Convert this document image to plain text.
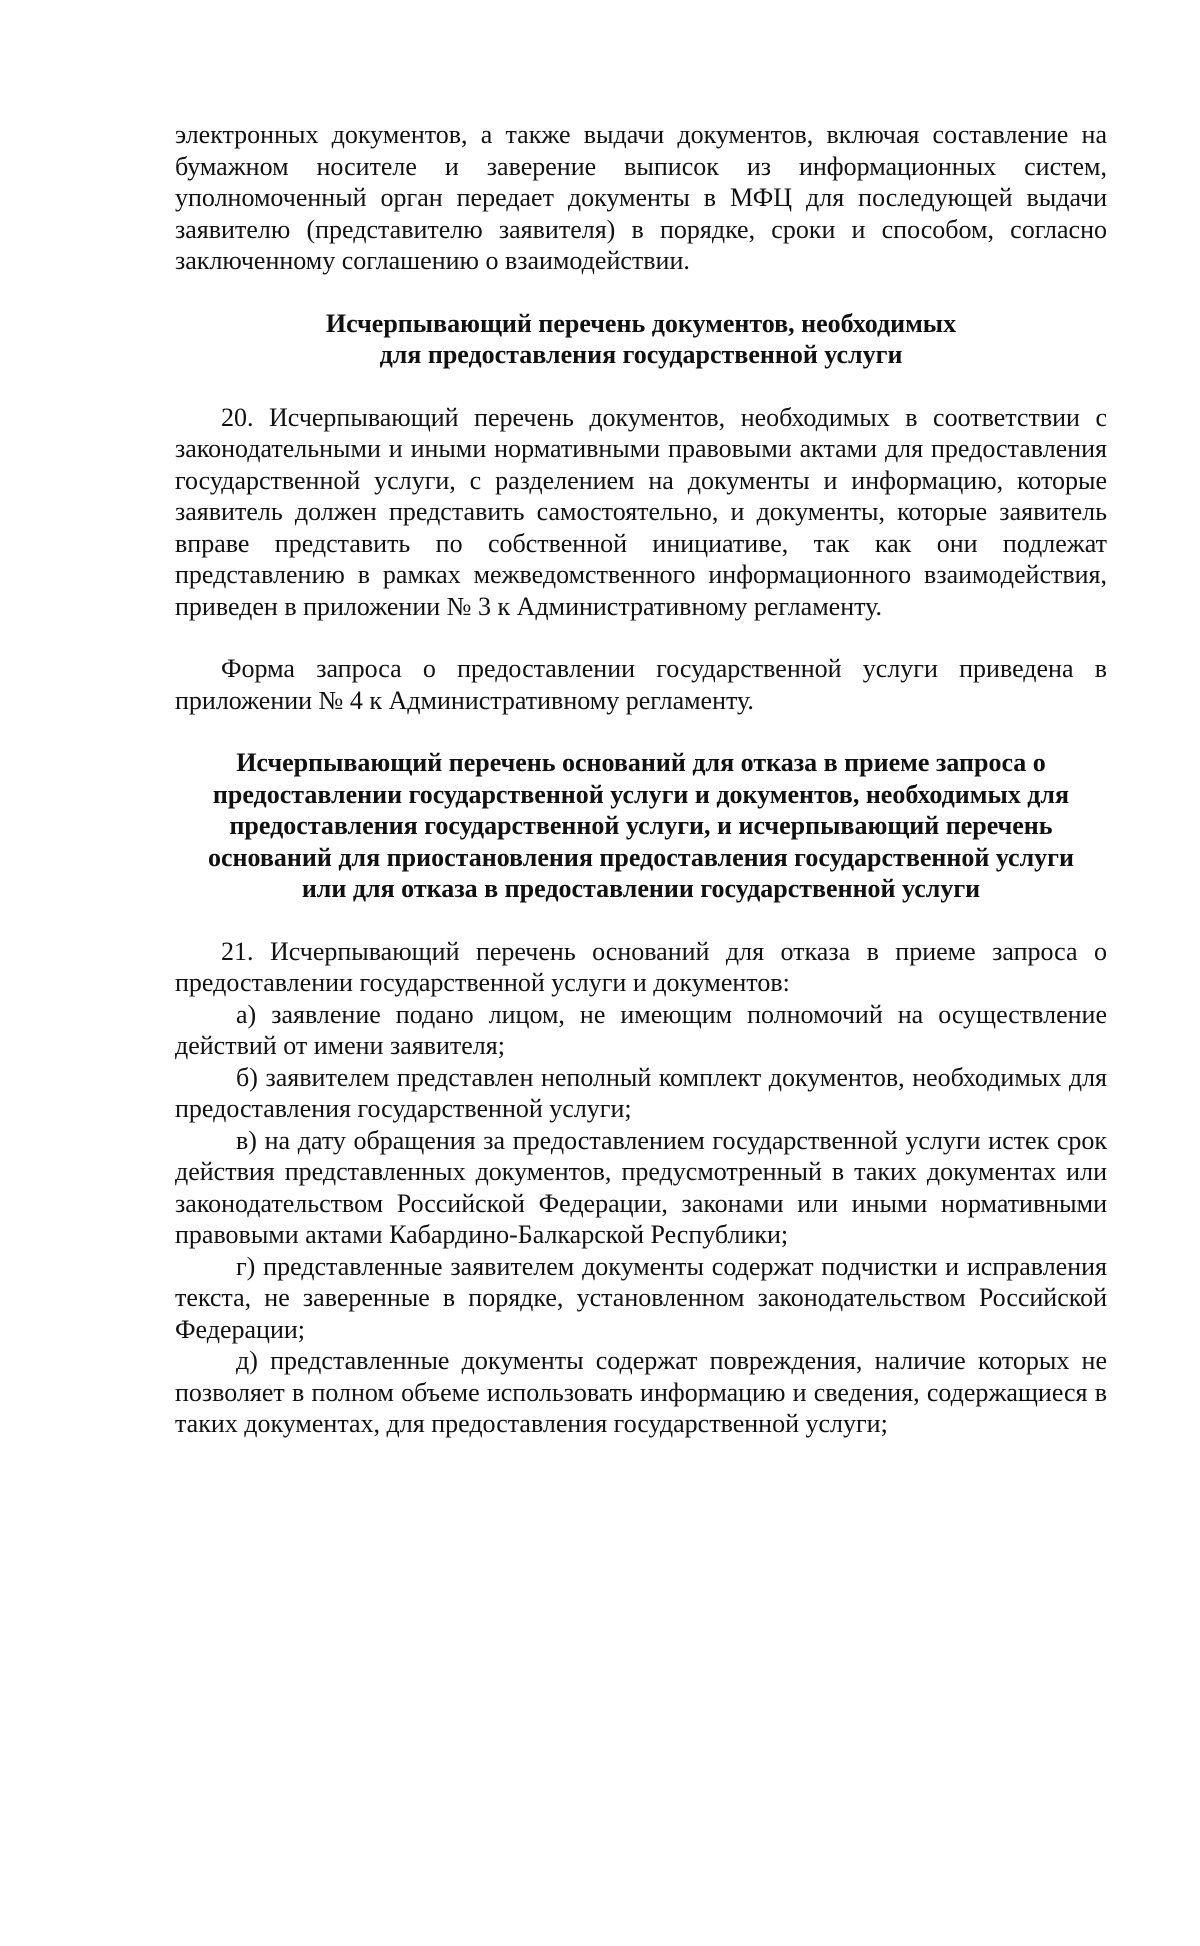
электронных документов, а также выдачи документов, включая составление на бумажном носителе и заверение выписок из информационных систем, уполномоченный орган передает документы в МФЦ для последующей выдачи заявителю (представителю заявителя) в порядке, сроки и способом, согласно заключенному соглашению о взаимодействии.

Исчерпывающий перечень документов, необходимых
для предоставления государственной услуги

20. Исчерпывающий перечень документов, необходимых в соответствии с законодательными и иными нормативными правовыми актами для предоставления государственной услуги, с разделением на документы и информацию, которые заявитель должен представить самостоятельно, и документы, которые заявитель вправе представить по собственной инициативе, так как они подлежат представлению в рамках межведомственного информационного взаимодействия, приведен в приложении № 3 к Административному регламенту.

Форма запроса о предоставлении государственной услуги приведена в приложении № 4 к Административному регламенту.

Исчерпывающий перечень оснований для отказа в приеме запроса о
предоставлении государственной услуги и документов, необходимых для
предоставления государственной услуги, и исчерпывающий перечень
оснований для приостановления предоставления государственной услуги
или для отказа в предоставлении государственной услуги

21. Исчерпывающий перечень оснований для отказа в приеме запроса о предоставлении государственной услуги и документов:

а) заявление подано лицом, не имеющим полномочий на осуществление действий от имени заявителя;

б) заявителем представлен неполный комплект документов, необходимых для предоставления государственной услуги;

в) на дату обращения за предоставлением государственной услуги истек срок действия представленных документов, предусмотренный в таких документах или законодательством Российской Федерации, законами или иными нормативными правовыми актами Кабардино-Балкарской Республики;

г) представленные заявителем документы содержат подчистки и исправления текста, не заверенные в порядке, установленном законодательством Российской Федерации;

д) представленные документы содержат повреждения, наличие которых не позволяет в полном объеме использовать информацию и сведения, содержащиеся в таких документах, для предоставления государственной услуги;
